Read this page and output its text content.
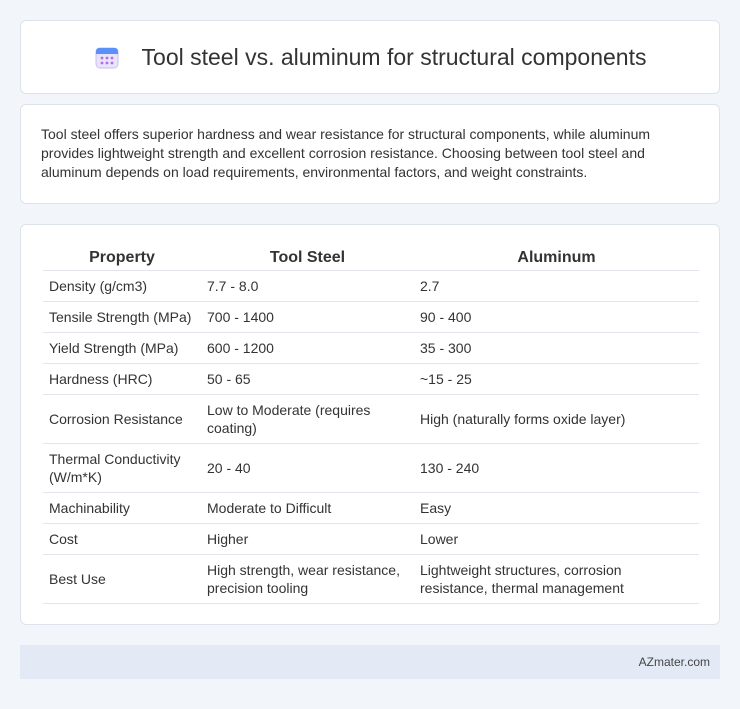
Tool steel vs. aluminum for structural components

Tool steel offers superior hardness and wear resistance for structural components, while aluminum provides lightweight strength and excellent corrosion resistance. Choosing between tool steel and aluminum depends on load requirements, environmental factors, and weight constraints.

Property	Tool Steel	Aluminum
Density (g/cm3)	7.7 - 8.0	2.7
Tensile Strength (MPa)	700 - 1400	90 - 400
Yield Strength (MPa)	600 - 1200	35 - 300
Hardness (HRC)	50 - 65	~15 - 25
Corrosion Resistance	Low to Moderate (requires coating)	High (naturally forms oxide layer)
Thermal Conductivity (W/m*K)	20 - 40	130 - 240
Machinability	Moderate to Difficult	Easy
Cost	Higher	Lower
Best Use	High strength, wear resistance, precision tooling	Lightweight structures, corrosion resistance, thermal management
AZmater.com
